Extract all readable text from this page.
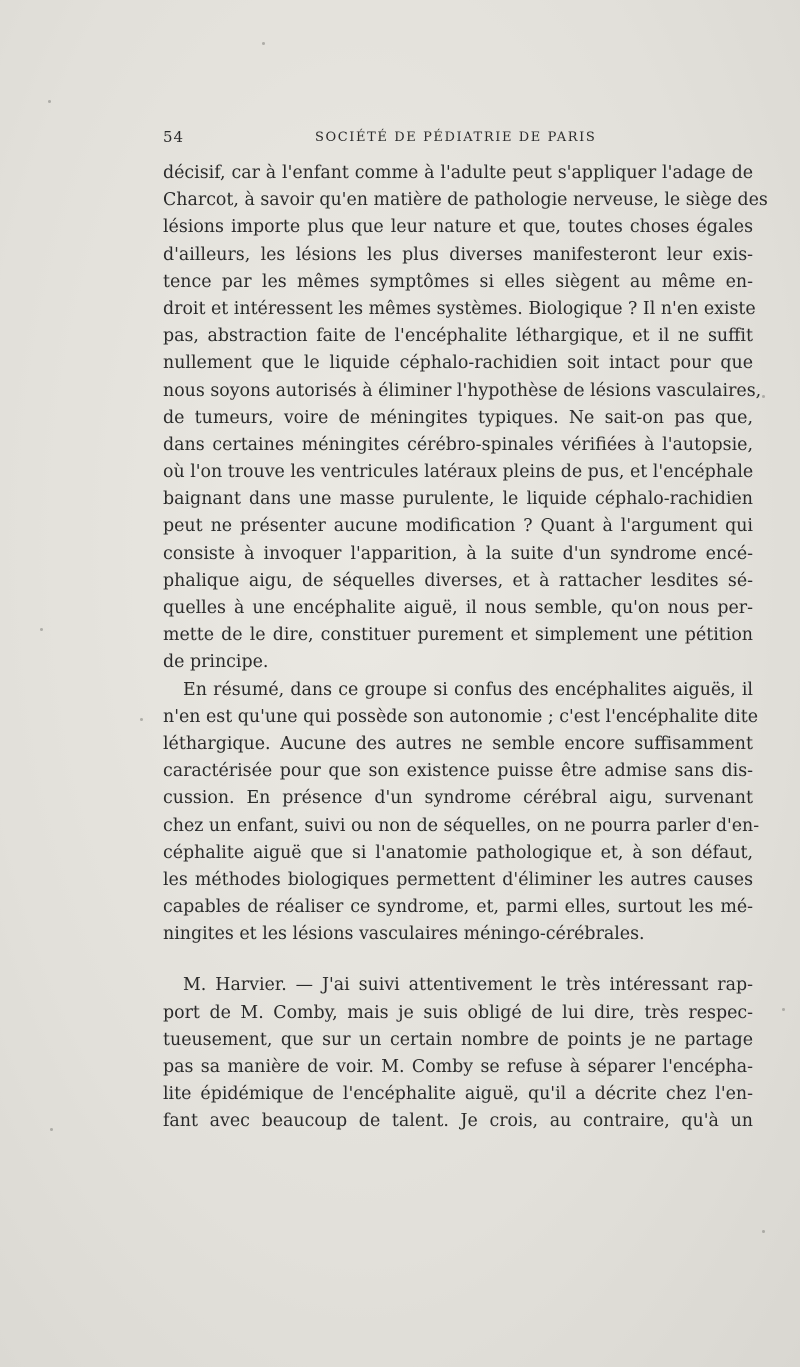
54	SOCIÉTÉ DE PÉDIATRIE DE PARIS
décisif, car à l'enfant comme à l'adulte peut s'appliquer l'adage de
Charcot, à savoir qu'en matière de pathologie nerveuse, le siège des
lésions importe plus que leur nature et que, toutes choses égales
d'ailleurs, les lésions les plus diverses manifesteront leur exis-
tence par les mêmes symptômes si elles siègent au même en-
droit et intéressent les mêmes systèmes. Biologique ? Il n'en existe
pas, abstraction faite de l'encéphalite léthargique, et il ne suffit
nullement que le liquide céphalo-rachidien soit intact pour que
nous soyons autorisés à éliminer l'hypothèse de lésions vasculaires,
de tumeurs, voire de méningites typiques. Ne sait-on pas que,
dans certaines méningites cérébro-spinales vérifiées à l'autopsie,
où l'on trouve les ventricules latéraux pleins de pus, et l'encéphale
baignant dans une masse purulente, le liquide céphalo-rachidien
peut ne présenter aucune modification ? Quant à l'argument qui
consiste à invoquer l'apparition, à la suite d'un syndrome encé-
phalique aigu, de séquelles diverses, et à rattacher lesdites sé-
quelles à une encéphalite aiguë, il nous semble, qu'on nous per-
mette de le dire, constituer purement et simplement une pétition
de principe.
En résumé, dans ce groupe si confus des encéphalites aiguës, il
n'en est qu'une qui possède son autonomie ; c'est l'encéphalite dite
léthargique. Aucune des autres ne semble encore suffisamment
caractérisée pour que son existence puisse être admise sans dis-
cussion. En présence d'un syndrome cérébral aigu, survenant
chez un enfant, suivi ou non de séquelles, on ne pourra parler d'en-
céphalite aiguë que si l'anatomie pathologique et, à son défaut,
les méthodes biologiques permettent d'éliminer les autres causes
capables de réaliser ce syndrome, et, parmi elles, surtout les mé-
ningites et les lésions vasculaires méningo-cérébrales.
M. Harvier. — J'ai suivi attentivement le très intéressant rap-
port de M. Comby, mais je suis obligé de lui dire, très respec-
tueusement, que sur un certain nombre de points je ne partage
pas sa manière de voir. M. Comby se refuse à séparer l'encépha-
lite épidémique de l'encéphalite aiguë, qu'il a décrite chez l'en-
fant avec beaucoup de talent. Je crois, au contraire, qu'à un
